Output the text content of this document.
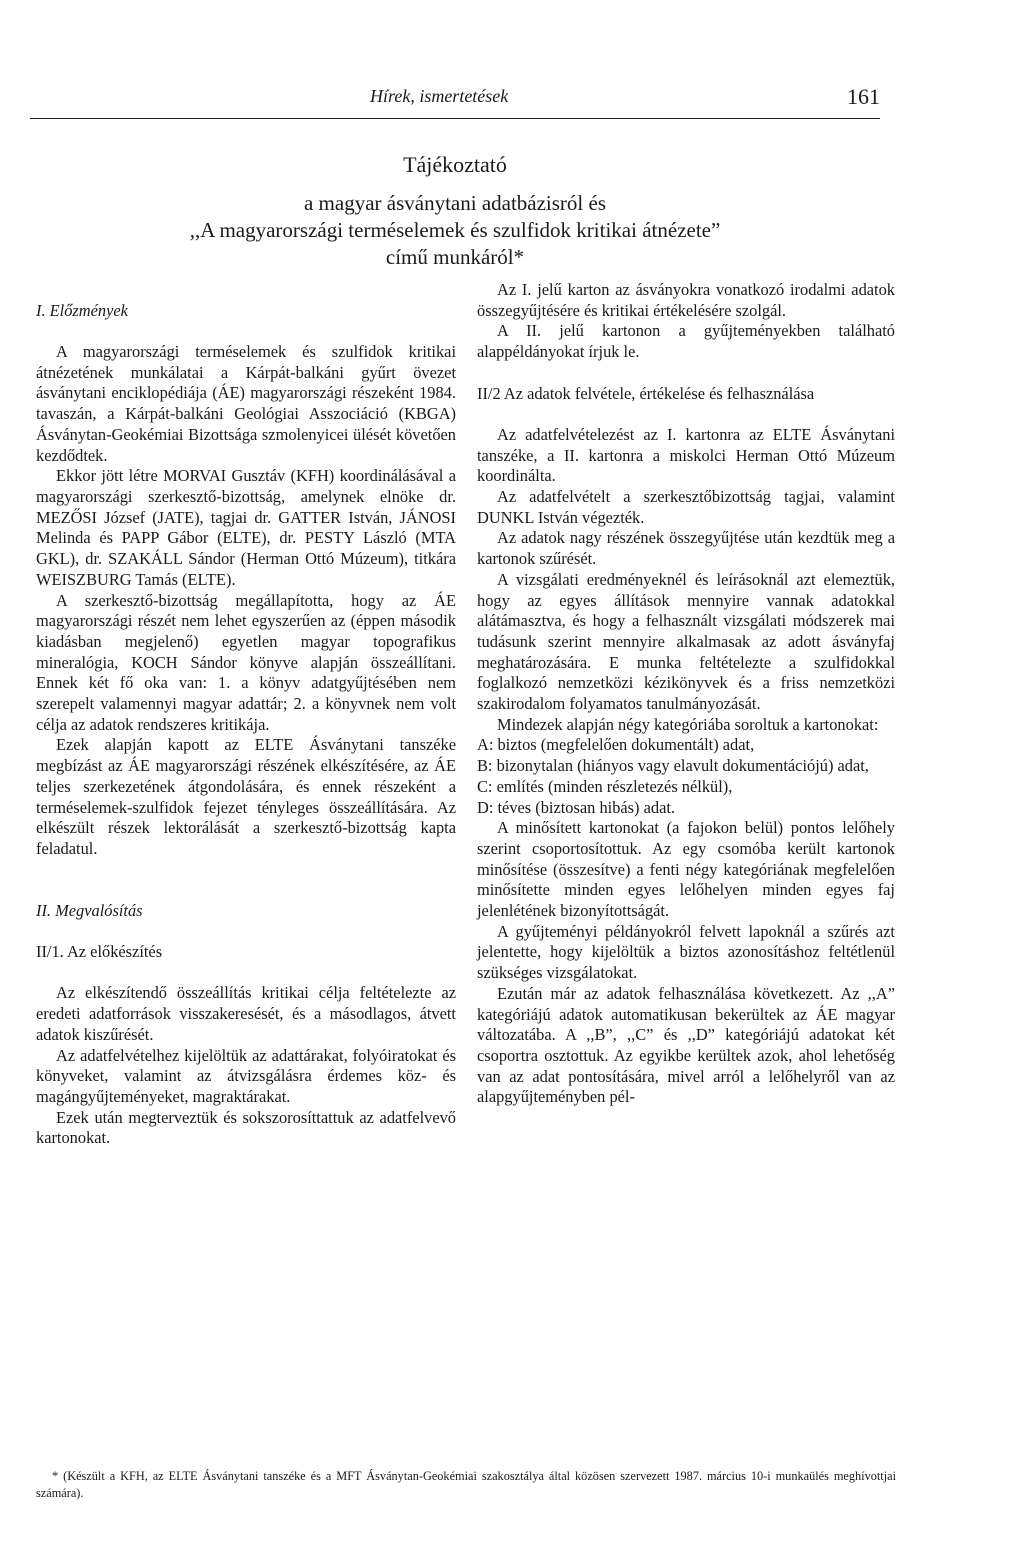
Hírek, ismertetések	161
Tájékoztató
a magyar ásványtani adatbázisról és
,,A magyarországi terméselemek és szulfidok kritikai átnézete”
című munkáról*

I. Előzmények

A magyarországi terméselemek és szulfidok kritikai átnézetének munkálatai a Kárpát-balkáni gyűrt övezet ásványtani enciklopédiája (ÁE) magyarországi részeként 1984. tavaszán, a Kárpát-balkáni Geológiai Asszociáció (KBGA) Ásványtan-Geokémiai Bizottsága szmolenyicei ülését követően kezdődtek.

Ekkor jött létre MORVAI Gusztáv (KFH) koordinálásával a magyarországi szerkesztő-bizottság, amelynek elnöke dr. MEZŐSI József (JATE), tagjai dr. GATTER István, JÁNOSI Melinda és PAPP Gábor (ELTE), dr. PESTY László (MTA GKL), dr. SZAKÁLL Sándor (Herman Ottó Múzeum), titkára WEISZBURG Tamás (ELTE).

A szerkesztő-bizottság megállapította, hogy az ÁE magyarországi részét nem lehet egyszerűen az (éppen második kiadásban megjelenő) egyetlen magyar topografikus mineralógia, KOCH Sándor könyve alapján összeállítani. Ennek két fő oka van: 1. a könyv adatgyűjtésében nem szerepelt valamennyi magyar adattár; 2. a könyvnek nem volt célja az adatok rendszeres kritikája.

Ezek alapján kapott az ELTE Ásványtani tanszéke megbízást az ÁE magyarországi részének elkészítésére, az ÁE teljes szerkezetének átgondolására, és ennek részeként a terméselemek-szulfidok fejezet tényleges összeállítására. Az elkészült részek lektorálását a szerkesztő-bizottság kapta feladatul.

II. Megvalósítás

II/1. Az előkészítés

Az elkészítendő összeállítás kritikai célja feltételezte az eredeti adatforrások visszakeresését, és a másodlagos, átvett adatok kiszűrését.

Az adatfelvételhez kijelöltük az adattárakat, folyóiratokat és könyveket, valamint az átvizsgálásra érdemes köz- és magángyűjteményeket, magraktárakat.

Ezek után megterveztük és sokszorosíttattuk az adatfelvevő kartonokat.

Az I. jelű karton az ásványokra vonatkozó irodalmi adatok összegyűjtésére és kritikai értékelésére szolgál.

A II. jelű kartonon a gyűjteményekben található alappéldányokat írjuk le.

II/2 Az adatok felvétele, értékelése és felhasználása

Az adatfelvételezést az I. kartonra az ELTE Ásványtani tanszéke, a II. kartonra a miskolci Herman Ottó Múzeum koordinálta.

Az adatfelvételt a szerkesztőbizottság tagjai, valamint DUNKL István végezték.

Az adatok nagy részének összegyűjtése után kezdtük meg a kartonok szűrését.

A vizsgálati eredményeknél és leírásoknál azt elemeztük, hogy az egyes állítások mennyire vannak adatokkal alátámasztva, és hogy a felhasznált vizsgálati módszerek mai tudásunk szerint mennyire alkalmasak az adott ásványfaj meghatározására. E munka feltételezte a szulfidokkal foglalkozó nemzetközi kézikönyvek és a friss nemzetközi szakirodalom folyamatos tanulmányozását.

Mindezek alapján négy kategóriába soroltuk a kartonokat:

A: biztos (megfelelően dokumentált) adat,

B: bizonytalan (hiányos vagy elavult dokumentációjú) adat,

C: említés (minden részletezés nélkül),

D: téves (biztosan hibás) adat.

A minősített kartonokat (a fajokon belül) pontos lelőhely szerint csoportosítottuk. Az egy csomóba került kartonok minősítése (összesítve) a fenti négy kategóriának megfelelően minősítette minden egyes lelőhelyen minden egyes faj jelenlétének bizonyítottságát.

A gyűjteményi példányokról felvett lapoknál a szűrés azt jelentette, hogy kijelöltük a biztos azonosításhoz feltétlenül szükséges vizsgálatokat.

Ezután már az adatok felhasználása következett. Az ,,A” kategóriájú adatok automatikusan bekerültek az ÁE magyar változatába. A ,,B”, ,,C” és ,,D” kategóriájú adatokat két csoportra osztottuk. Az egyikbe kerültek azok, ahol lehetőség van az adat pontosítására, mivel arról a lelőhelyről van az alapgyűjteményben pél-

* (Készült a KFH, az ELTE Ásványtani tanszéke és a MFT Ásványtan-Geokémiai szakosztálya által közösen szervezett 1987. március 10-i munkaülés meghívottjai számára).
